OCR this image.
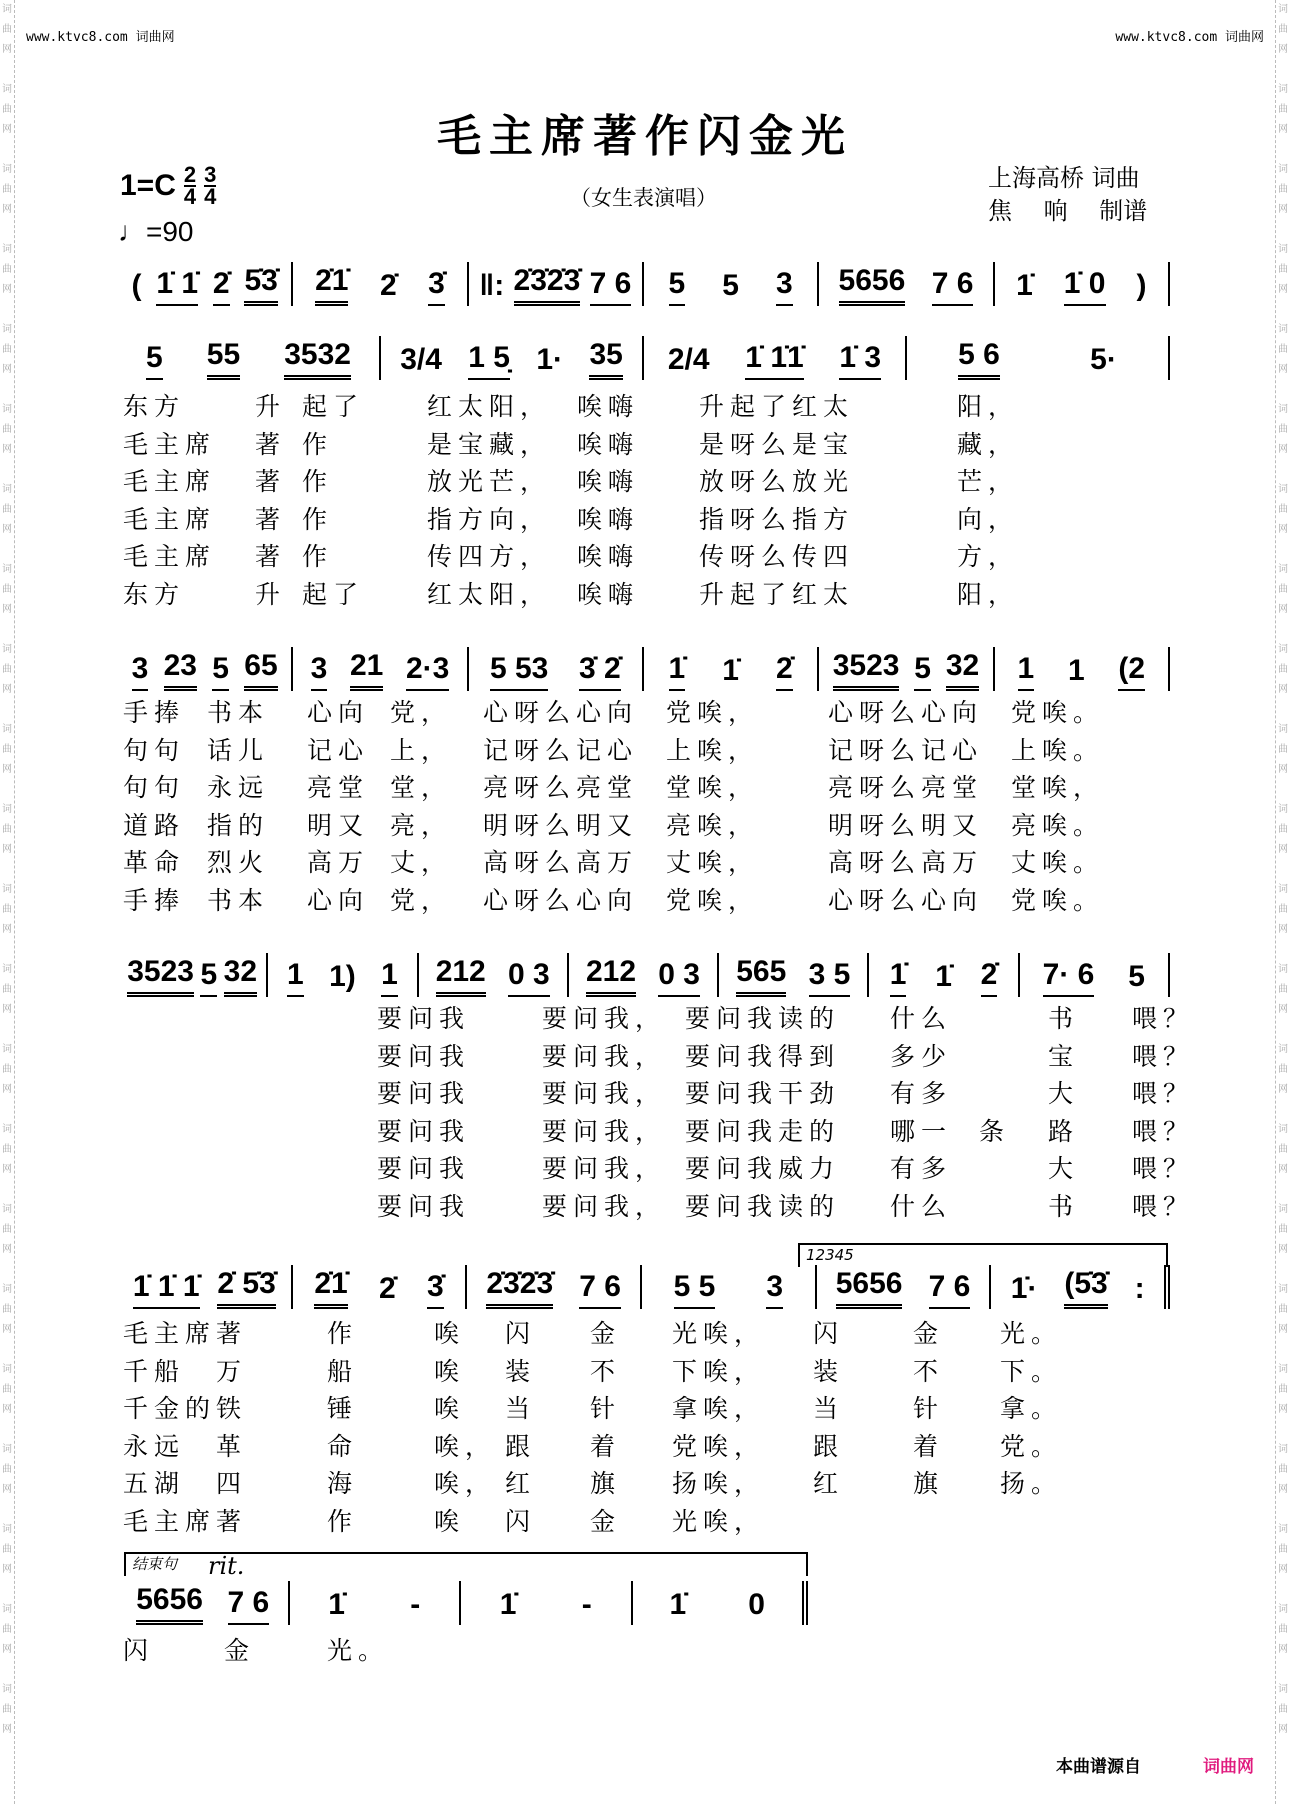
词
曲
网

词
曲
网

词
曲
网

词
曲
网

词
曲
网

词
曲
网

词
曲
网

词
曲
网

词
曲
网

词
曲
网

词
曲
网

词
曲
网

词
曲
网

词
曲
网

词
曲
网

词
曲
网

词
曲
网

词
曲
网

词
曲
网

词
曲
网

词
曲
网

词
曲
网

词
曲
网

词
曲
网

词
曲
网

词
曲
网

词
曲
网

词
曲
网

词
曲
网

词
曲
网

词
曲
网

词
曲
网

词
曲
网

词
曲
网

词
曲
网

词
曲
网

词
曲
网

词
曲
网

词
曲
网

词
曲
网

词
曲
网

词
曲
网

词
曲
网

词
曲
网

www.ktvc8.com 词曲网	www.ktvc8.com 词曲网
毛主席著作闪金光
$1=C \frac{2}{4} \frac{3}{4}$
♩=90
（女生表演唱）
上海高桥 词曲
焦　 响　 制谱
( 1̇ 1̇ 2̇ 5̇3̇ 2̇1̇ 2̇ 3̇ ‖: 2̇3̇2̇3̇ 7 6 5 5 3 5656 7 6 1̇ 1̇ 0 )
5 55 3532 3/4 1 5̣ 1· 35 2/4 1̇ 1̇1̇ 1̇ 3	5 6	5·
3 23 5 65 3 21 2·3 5 53 3̇ 2̇ 1̇ 1̇ 2̇ 3523 5 32 1 1 (2
3523 5 32 1 1) 1 212 0 3 212 0 3 565 3 5 1̇ 1̇ 2̇ 7· 6 5
1̇ 1̇ 1̇ 2̇ 5̇3̇ 2̇1̇ 2̇ 3̇ 2̇3̇2̇3̇ 7 6 5 5 3 5656 7 6 1̇· (5̇3̇ :
5656 7 6 1̇ -	1̇ -	1̇ 0
东方	升 起了	红太阳， 唉嗨 升起了红太	阳，
毛主席 著 作	是宝藏， 唉嗨 是呀么是宝	藏，
毛主席 著 作	放光芒， 唉嗨 放呀么放光	芒，
毛主席 著 作	指方向， 唉嗨 指呀么指方	向，
毛主席 著 作	传四方， 唉嗨 传呀么传四	方，
东方	升 起了	红太阳， 唉嗨 升起了红太	阳，
手捧 书本 心向 党， 心呀么心向 党唉，	心呀么心向 党唉。
句句 话儿 记心 上， 记呀么记心 上唉，	记呀么记心 上唉。
句句 永远 亮堂 堂， 亮呀么亮堂 堂唉，	亮呀么亮堂 堂唉，
道路 指的 明又 亮， 明呀么明又 亮唉，	明呀么明又 亮唉。
革命 烈火 高万 丈， 高呀么高万 丈唉，	高呀么高万 丈唉。
手捧 书本 心向 党， 心呀么心向 党唉，	心呀么心向 党唉。
要问我	要问我， 要问我读的 什么	书 喂？
要问我	要问我， 要问我得到 多少	宝 喂？
要问我	要问我， 要问我干劲 有多	大 喂？
要问我	要问我， 要问我走的 哪一 条 路 喂？
要问我	要问我， 要问我威力 有多	大 喂？
要问我	要问我， 要问我读的 什么	书 喂？
毛主席著	作	唉 闪 金 光唉， 闪	金 光。
千船　万	船	唉 装 不 下唉， 装	不 下。
千金的铁	锤	唉 当 针 拿唉， 当	针 拿。
永远　革	命	唉， 跟 着 党唉， 跟	着 党。
五湖　四	海	唉， 红 旗 扬唉， 红	旗 扬。
毛主席著	作	唉 闪 金 光唉，
闪	金	光。
12345
结束句	rit.
本曲谱源自	词曲网
